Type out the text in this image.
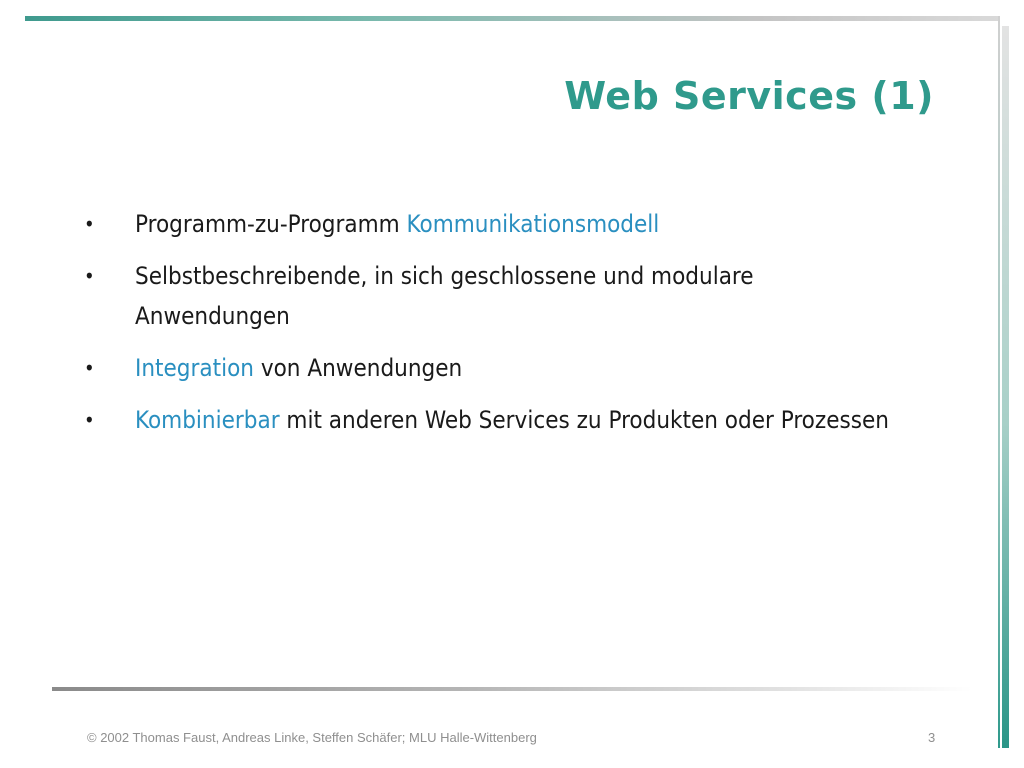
Web Services (1)
• Programm-zu-Programm Kommunikationsmodell
• Selbstbeschreibende, in sich geschlossene und modulare Anwendungen
• Integration von Anwendungen
• Kombinierbar mit anderen Web Services zu Produkten oder Prozessen
© 2002 Thomas Faust, Andreas Linke, Steffen Schäfer; MLU Halle-Wittenberg	3
